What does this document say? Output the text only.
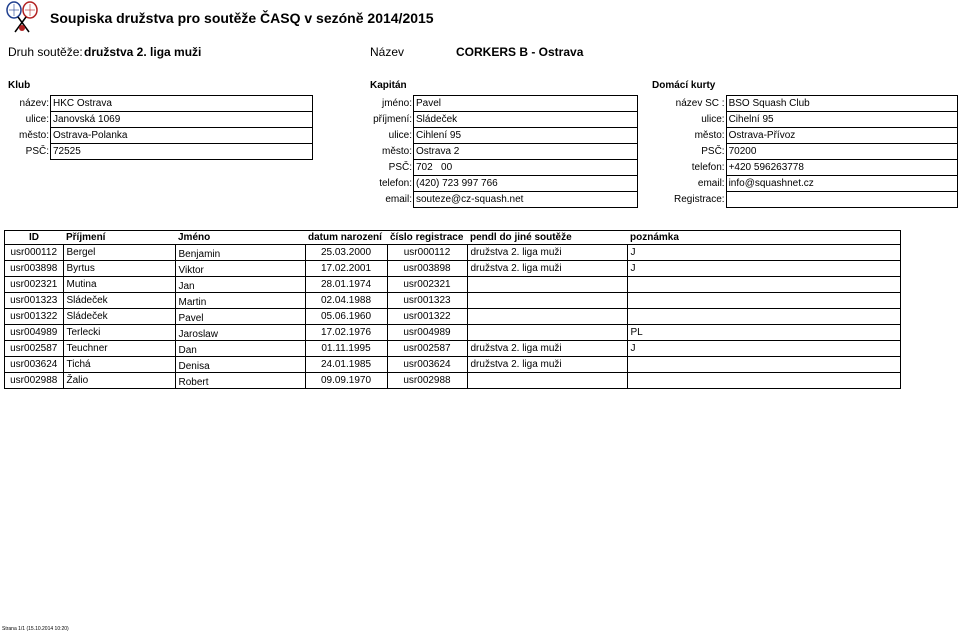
Soupiska družstva pro soutěže ČASQ v sezóně 2014/2015
Druh soutěže: družstva 2. liga muži	Název	CORKERS B - Ostrava
Klub	Kapitán	Domácí kurty
název:	HKC Ostrava
ulice:	Janovská 1069
město:	Ostrava-Polanka
PSČ:	72525
jméno:	Pavel
příjmení:	Sládeček
ulice:	Cihlení 95
město:	Ostrava 2
PSČ:	702   00
telefon:	(420) 723 997 766
email:	souteze@cz-squash.net
název SC :	BSO Squash Club
ulice:	Cihelní 95
město:	Ostrava-Přívoz
PSČ:	70200
telefon:	+420 596263778
email:	info@squashnet.cz
Registrace:	
ID	Příjmení	Jméno	datum narození	číslo registrace	pendl do jiné soutěže	poznámka
usr000112	Bergel	Benjamin	25.03.2000	usr000112	družstva 2. liga muži	J
usr003898	Byrtus	Viktor	17.02.2001	usr003898	družstva 2. liga muži	J
usr002321	Mutina	Jan	28.01.1974	usr002321		
usr001323	Sládeček	Martin	02.04.1988	usr001323		
usr001322	Sládeček	Pavel	05.06.1960	usr001322		
usr004989	Terlecki	Jaroslaw	17.02.1976	usr004989		PL
usr002587	Teuchner	Dan	01.11.1995	usr002587	družstva 2. liga muži	J
usr003624	Tichá	Denisa	24.01.1985	usr003624	družstva 2. liga muži	
usr002988	Žalio	Robert	09.09.1970	usr002988		
Strana 1/1 (15.10.2014 10:20)
